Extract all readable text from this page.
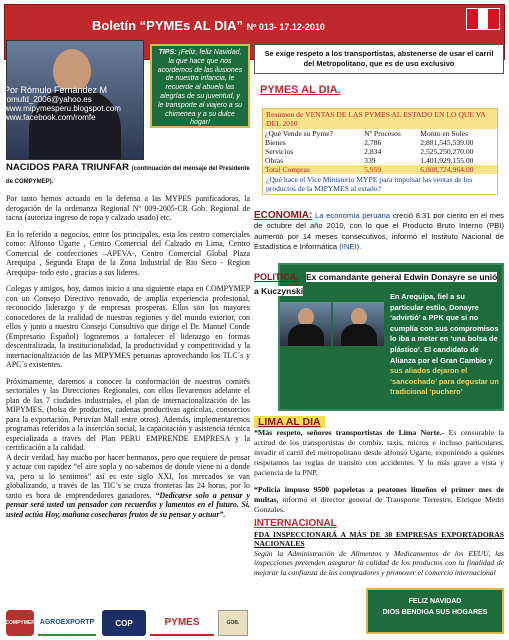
Boletín “PYMEs AL DIA” Nº 013- 17.12-2010
Por Rómulo Fernández M
romufd_2006@yahoo.es
www.mipymesperu.blogspot.com
www.facebook.com/romfe
TIPS: ¡Feliz, feliz Navidad, la que hace que nos acordemos de las ilusiones de nuestra infancia, le recuerde al abuelo las alegrías de su juventud, y le transporte al viajero a su chimenea y a su dulce hogar!
NACIDOS PARA TRIUNFAR (continuación del mensaje del Presidente de COMPYMEP).

Por tanto hemos actuado en la defensa a las MYPES panificadoras, la derogación de la ordenanza Regional Nº 009-2005-CR Gob. Regional de tacna (autoriza ingreso de ropa y calzado usado) etc.

En lo referido a negocios, entre los principales, esta los centro comerciales como: Alfonso Ugarte , Centro Comercial del Calzado en Lima, Centro Comercial de confecciones –APEVA-, Centro Comercial Global Plaza Arequipa , Segunda Etapa de la Zona Industrial de Rio Seco - Region Arequipa- todo esto , gracias a sus lideres.

Colegas y amigos, hoy, damos inicio a una siguiente etapa en COMPYMEP con un Consejo Directivo renovado, de amplia experiencia profesional, reconocido liderazgo y de empresas prosperas. Ellos son los mayores conocedores de la realidad de nuestras regiones y del mundo exterior, con ellos y junto a nuestro Consejo Consultivo que dirige el Dr. Manuel Conde (Empresario Español) lograremos a fortalecer el liderazgo en formas descentralizada, la institucionalidad, la productividad y competitividad y la internacionalización de las MIPYMES peruanas aprovechando los TLC´s y APC´s existentes.

Próximamente, daremos a conocer la conformación de nuestros comités sectoriales y las Direcciones Regionales, con ellos llevaremos adelante el plan de las 7 ciudades industriales, el plan de internacionalización de las MIPYMES, (bolsa de productos, cadenas productivas agrícolas, consorcios para la exportación, Peruvian Mall entre otros). Además, implementaremos programas referidos a la inserción social, la capacitación y asistencia técnica especializada a traves del Plan PERU EMPRENDE EMPRESA y la certificación a la calidad.

A decir verdad, hay mucho por hacer hermanos, pero que requiere de pensar y actuar con rapidez “el aire sopla y no sabemos de donde viene ni a donde va, pero si lo sentimos” así es este siglo XXI, los mercados se van globalizando, a través de las TIC’s se cruza fronteras las 24 horas, por lo tanto es hora de emprendedores ganadores. “Dedicarse solo a pensar y pensar será usted un pensador con recuerdos y lamentos en el futuro. Si, usted actúa Hoy, mañana cosecharas frutos de su pensar y actuar”.

COMPYMEP AGROEXPORTP	COP	PYMES	GOB.
Se exige respeto a los transportistas, abstenerse de usar el carril del Metropolitano, que es de uso exclusivo
PYMES AL DIA.
Resumen de VENTAS DE LAS PYMES AL ESTADO EN LO QUE VA DEL 2010
¿Qué Vende su Pyme?	Nº Procesos	Monto en Soles
Bienes	2,786	2,881,545,539.00
Servicios	2,834	2,525,250,270.00
Obras	339	1,401,929,155.00
Total Compras	5,959	6,808,724,964.00
¿Qué hace el Vice Ministerio MYPE para impulsar las ventas de los productos de la MIPYMES al estado?
ECONOMIA: La economía peruana creció 8.31 por ciento en el mes de octubre del año 2010, con lo que el Producto Bruto Interno (PBI) aumentó por 14 meses consecutivos, informó el Instituto Nacional de Estadística e Informática (INEI).
POLITICA. Ex comandante general Edwin Donayre se unió a Kuczynski
En Arequipa, fiel a su particular estilo, Donayre ‘advirtió’ a PPK que si no cumplía con sus compromisos lo iba a meter en ‘una bolsa de plástico’. El candidato de Alianza por el Gran Cambio y sus aliados dejaron el ‘sancochado’ para degustar un tradicional ‘puchero’
LIMA AL DIA

*Más respeto, señores transportistas de Lima Norte.- Es censurable la actitud de los transportistas de combis, taxis, micros e incluso particulares, invadir el carril del metropolitano desde alfonso Ugarte, exponiendo a quienes respetamos las reglas de transito con accidentes. Y lo más grave a vista y paciencia de la PNP.

*Policia impuso 9500 papeletas a peatones limeños el primer mes de multas, informó el director general de Transporte Terrestre, Enrique Medri Gonzales.

INTERNACIONAL
FDA INSPECCIONARÁ A MÁS DE 30 EMPRESAS EXPORTADORAS NACIONALES
Según la Administración de Alimentos y Medicamentos de los EEUU, las inspecciones pretenden asegurar la calidad de los productos con la finalidad de mejorar la confianza de los compradores y promover el comercio internacional
FELIZ NAVIDAD
DIOS BENDIGA SUS HOGARES
